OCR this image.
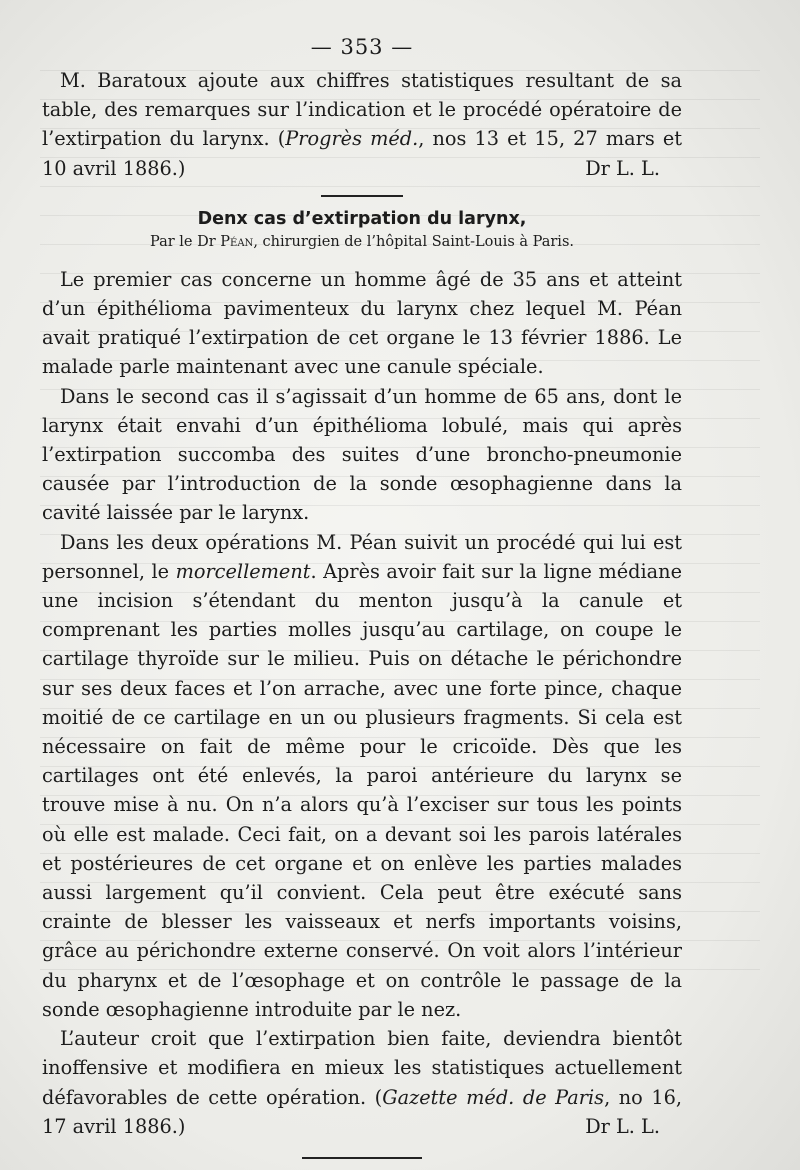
— 353 —

M. Baratoux ajoute aux chiffres statistiques resultant de sa table, des remarques sur l’indication et le procédé opératoire de l’extirpation du larynx. (Progrès méd., nos 13 et 15, 27 mars et 10 avril 1886.)	Dr L. L.

Denx cas d’extirpation du larynx,
Par le Dr Péan, chirurgien de l’hôpital Saint-Louis à Paris.

Le premier cas concerne un homme âgé de 35 ans et atteint d’un épithélioma pavimenteux du larynx chez lequel M. Péan avait pratiqué l’extirpation de cet organe le 13 février 1886. Le malade parle maintenant avec une canule spéciale.

Dans le second cas il s’agissait d’un homme de 65 ans, dont le larynx était envahi d’un épithélioma lobulé, mais qui après l’extirpation succomba des suites d’une broncho-pneumonie causée par l’introduction de la sonde œsophagienne dans la cavité laissée par le larynx.

Dans les deux opérations M. Péan suivit un procédé qui lui est personnel, le morcellement. Après avoir fait sur la ligne médiane une incision s’étendant du menton jusqu’à la canule et comprenant les parties molles jusqu’au cartilage, on coupe le cartilage thyroïde sur le milieu. Puis on détache le périchondre sur ses deux faces et l’on arrache, avec une forte pince, chaque moitié de ce cartilage en un ou plusieurs fragments. Si cela est nécessaire on fait de même pour le cricoïde. Dès que les cartilages ont été enlevés, la paroi antérieure du larynx se trouve mise à nu. On n’a alors qu’à l’exciser sur tous les points où elle est malade. Ceci fait, on a devant soi les parois latérales et postérieures de cet organe et on enlève les parties malades aussi largement qu’il convient. Cela peut être exécuté sans crainte de blesser les vaisseaux et nerfs importants voisins, grâce au périchondre externe conservé. On voit alors l’intérieur du pharynx et de l’œsophage et on contrôle le passage de la sonde œsophagienne introduite par le nez.

L’auteur croit que l’extirpation bien faite, deviendra bientôt inoffensive et modifiera en mieux les statistiques actuellement défavorables de cette opération. (Gazette méd. de Paris, no 16, 17 avril 1886.)	Dr L. L.
